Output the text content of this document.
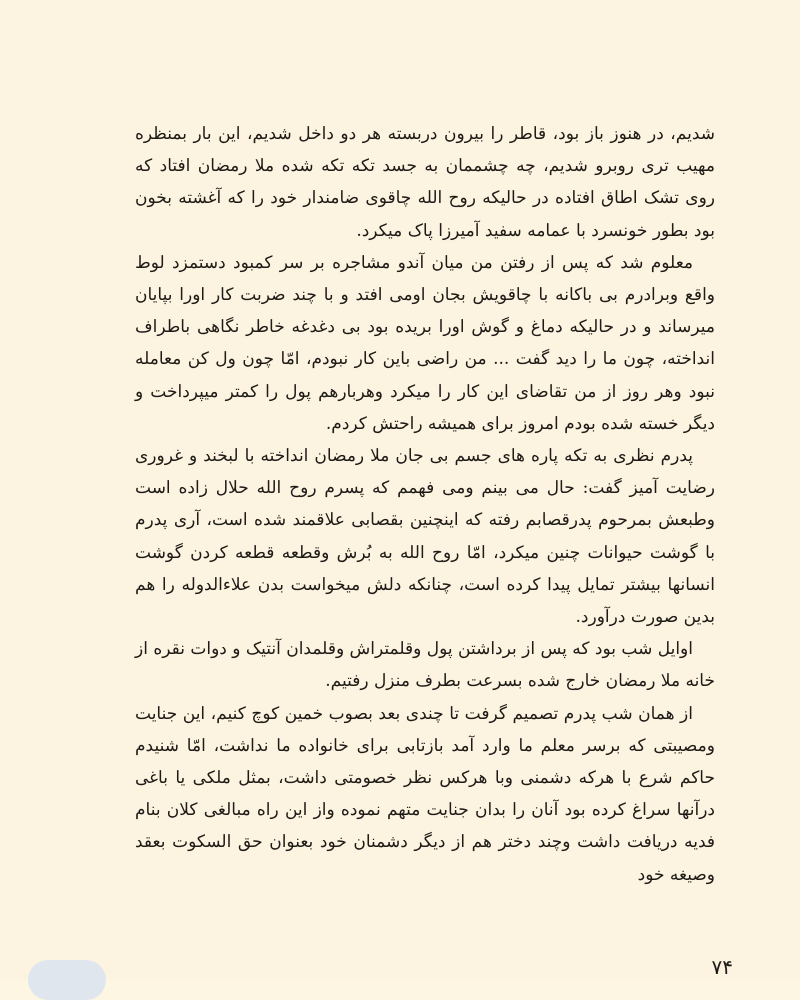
شدیم، در هنوز باز بود، قاطر را بیرون دربسته هر دو داخل شدیم، این بار بمنظره مهیب تری روبرو شدیم، چه چشممان به جسد تکه تکه شده ملا رمضان افتاد که روی تشک اطاق افتاده در حالیکه روح الله چاقوی ضامندار خود را که آغشته بخون بود بطور خونسرد با عمامه سفید آمیرزا پاک میکرد.

معلوم شد که پس از رفتن من میان آندو مشاجره بر سر کمبود دستمزد لوط واقع وبرادرم بی باکانه با چاقویش بجان اومی افتد و با چند ضربت کار اورا بپایان میرساند و در حالیکه دماغ و گوش اورا بریده بود بی دغدغه خاطر نگاهی باطراف انداخته، چون ما را دید گفت ... من راضی باین کار نبودم، امّا چون ول کن معامله نبود وهر روز از من تقاضای این کار را میکرد وهربارهم پول را کمتر میپرداخت و دیگر خسته شده بودم امروز برای همیشه راحتش کردم.

پدرم نظری به تکه پاره های جسم بی جان ملا رمضان انداخته با لبخند و غروری رضایت آمیز گفت: حال می بینم ومی فهمم که پسرم روح الله حلال زاده است وطبعش بمرحوم پدرقصابم رفته که اینچنین بقصابی علاقمند شده است، آری پدرم با گوشت حیوانات چنین میکرد، امّا روح الله به بُرش وقطعه قطعه کردن گوشت انسانها بیشتر تمایل پیدا کرده است، چنانکه دلش میخواست بدن علاءالدوله را هم بدین صورت درآورد.

اوایل شب بود که پس از برداشتن پول وقلمتراش وقلمدان آنتیک و دوات نقره از خانه ملا رمضان خارج شده بسرعت بطرف منزل رفتیم.

از همان شب پدرم تصمیم گرفت تا چندی بعد بصوب خمین کوچ کنیم، این جنایت ومصیبتی که برسر معلم ما وارد آمد بازتابی برای خانواده ما نداشت، امّا شنیدم حاکم شرع با هرکه دشمنی وبا هرکس نظر خصومتی داشت، بمثل ملکی یا باغی درآنها سراغ کرده بود آنان را بدان جنایت متهم نموده واز این راه مبالغی کلان بنام فدیه دریافت داشت وچند دختر هم از دیگر دشمنان خود بعنوان حق السکوت بعقد وصیغه خود

۷۴
